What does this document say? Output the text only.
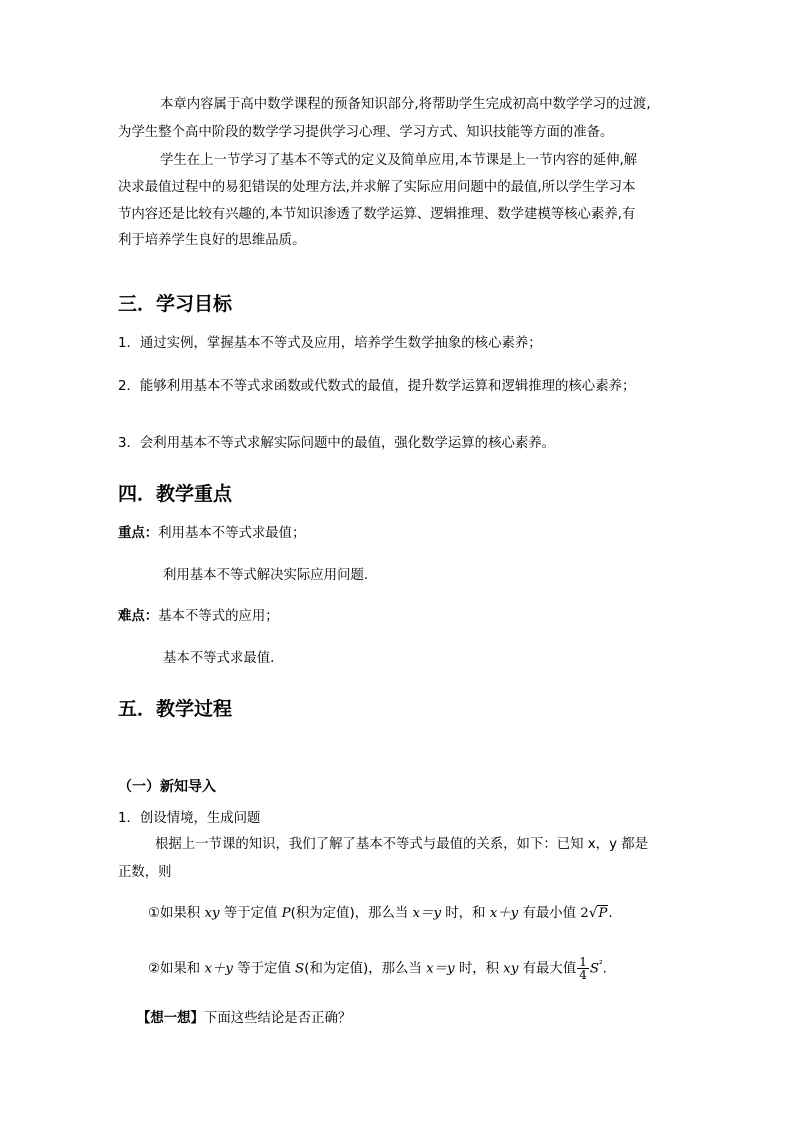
本章内容属于高中数学课程的预备知识部分,将帮助学生完成初高中数学学习的过渡,
为学生整个高中阶段的数学学习提供学习心理、学习方式、知识技能等方面的准备。
学生在上一节学习了基本不等式的定义及简单应用,本节课是上一节内容的延伸,解
决求最值过程中的易犯错误的处理方法,并求解了实际应用问题中的最值,所以学生学习本
节内容还是比较有兴趣的,本节知识渗透了数学运算、逻辑推理、数学建模等核心素养,有
利于培养学生良好的思维品质。
三．学习目标
1．通过实例，掌握基本不等式及应用，培养学生数学抽象的核心素养；
2．能够利用基本不等式求函数或代数式的最值，提升数学运算和逻辑推理的核心素养；
3．会利用基本不等式求解实际问题中的最值，强化数学运算的核心素养。
四．教学重点
重点：利用基本不等式求最值；
利用基本不等式解决实际应用问题．
难点：基本不等式的应用；
基本不等式求最值．
五．教学过程
（一）新知导入
1．创设情境，生成问题
根据上一节课的知识，我们了解了基本不等式与最值的关系，如下：已知 x，y 都是
正数，则
①如果积 xy 等于定值 P(积为定值)，那么当 x＝y 时，和 x＋y 有最小值 2√P.
②如果和 x＋y 等于定值 S(和为定值)，那么当 x＝y 时，积 xy 有最大值 $\frac{1}{4} S^{^2}$.
【想一想】下面这些结论是否正确？
